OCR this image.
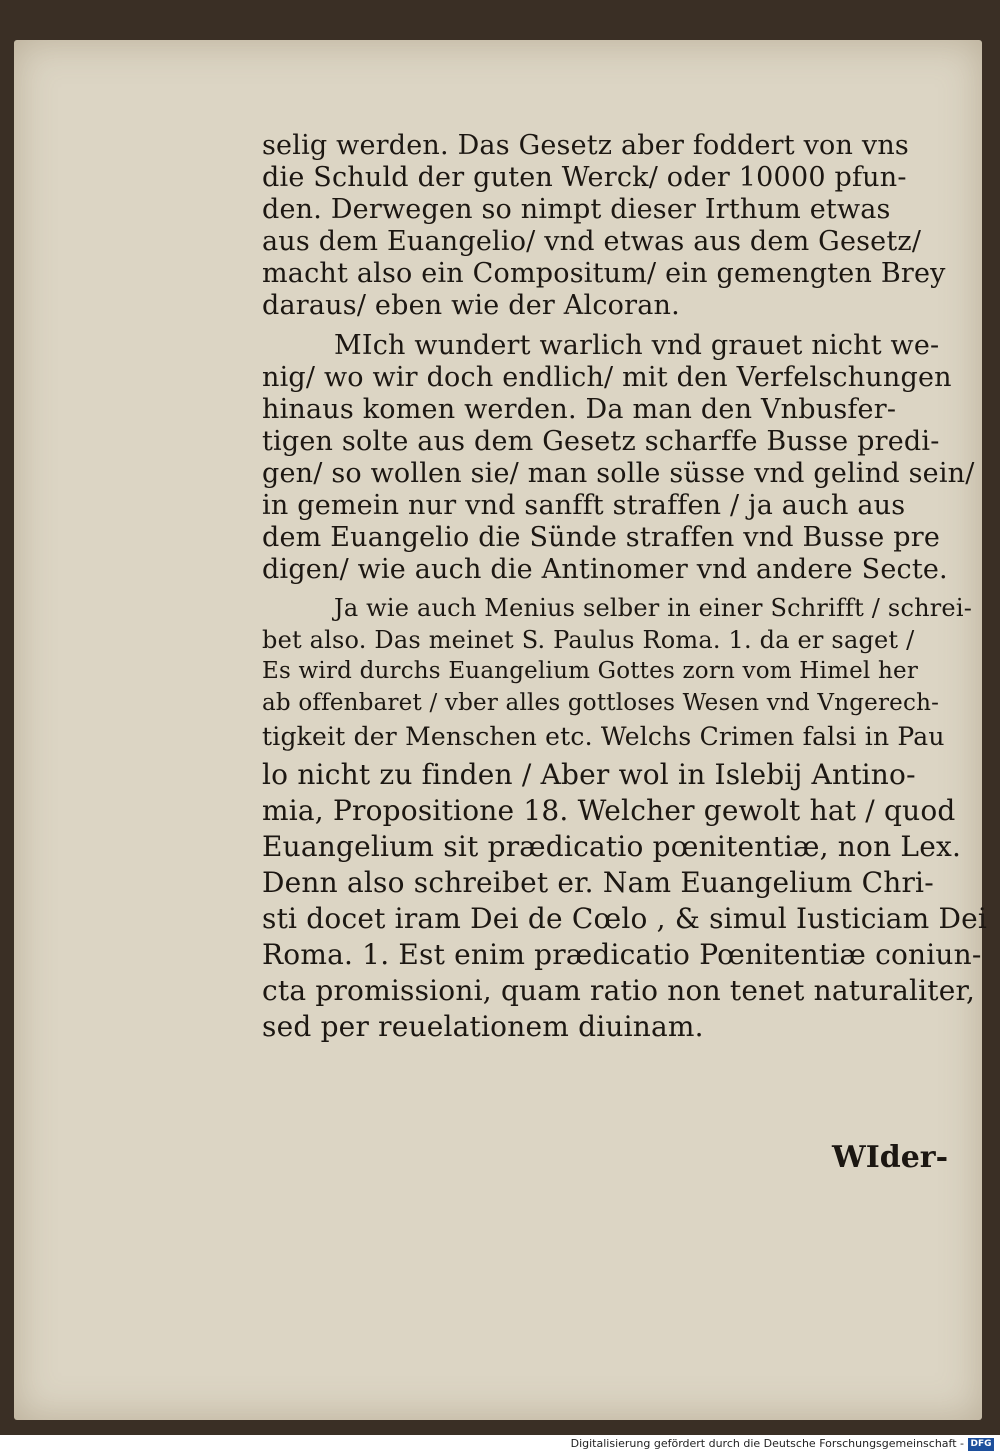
selig werden. Das Gesetz aber foddert von vns
die Schuld der guten Werck/ oder 10000 pfun-
den. Derwegen so nimpt dieser Irthum etwas
aus dem Euangelio/ vnd etwas aus dem Gesetz/
macht also ein Compositum/ ein gemengten Brey
daraus/ eben wie der Alcoran.
MIch wundert warlich vnd grauet nicht we-
nig/ wo wir doch endlich/ mit den Verfelschungen
hinaus komen werden. Da man den Vnbusfer-
tigen solte aus dem Gesetz scharffe Busse predi-
gen/ so wollen sie/ man solle süsse vnd gelind sein/
in gemein nur vnd sanfft straffen / ja auch aus
dem Euangelio die Sünde straffen vnd Busse pre
digen/ wie auch die Antinomer vnd andere Secte.
Ja wie auch Menius selber in einer Schrifft / schrei-
bet also. Das meinet S. Paulus Roma. 1. da er saget /
Es wird durchs Euangelium Gottes zorn vom Himel her
ab offenbaret / vber alles gottloses Wesen vnd Vngerech-
tigkeit der Menschen etc. Welchs Crimen falsi in Pau
lo nicht zu finden / Aber wol in Islebij Antino-
mia, Propositione 18. Welcher gewolt hat / quod
Euangelium sit prædicatio pœnitentiæ, non Lex.
Denn also schreibet er. Nam Euangelium Chri-
sti docet iram Dei de Cœlo , & simul Iusticiam Dei
Roma. 1. Est enim prædicatio Pœnitentiæ coniun-
cta promissioni, quam ratio non tenet naturaliter,
sed per reuelationem diuinam.
WIder-
Digitalisierung gefördert durch die Deutsche Forschungsgemeinschaft - DFG
